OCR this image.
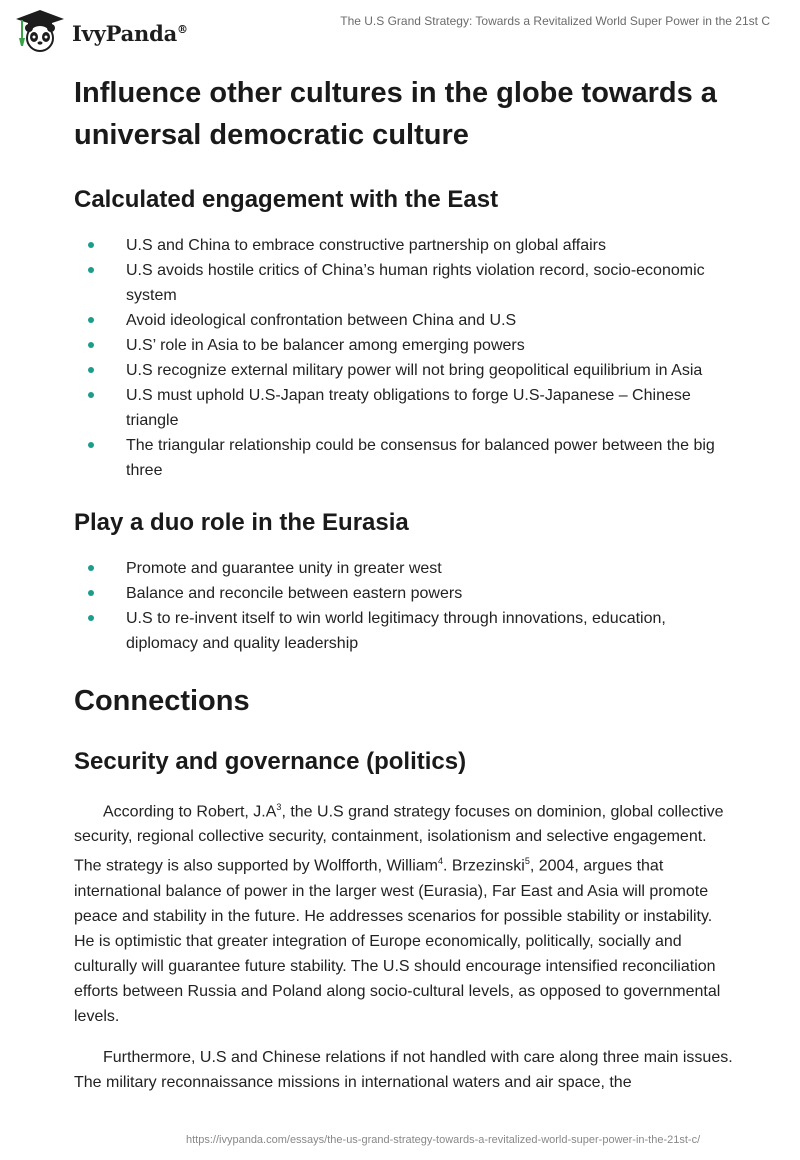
IvyPanda®
The U.S Grand Strategy: Towards a Revitalized World Super Power in the 21st C
Influence other cultures in the globe towards a universal democratic culture
Calculated engagement with the East
U.S and China to embrace constructive partnership on global affairs
U.S avoids hostile critics of China’s human rights violation record, socio-economic system
Avoid ideological confrontation between China and U.S
U.S’ role in Asia to be balancer among emerging powers
U.S recognize external military power will not bring geopolitical equilibrium in Asia
U.S must uphold U.S-Japan treaty obligations to forge U.S-Japanese – Chinese triangle
The triangular relationship could be consensus for balanced power between the big three
Play a duo role in the Eurasia
Promote and guarantee unity in greater west
Balance and reconcile between eastern powers
U.S to re-invent itself to win world legitimacy through innovations, education, diplomacy and quality leadership
Connections
Security and governance (politics)

According to Robert, J.A$^3$, the U.S grand strategy focuses on dominion, global collective security, regional collective security, containment, isolationism and selective engagement. The strategy is also supported by Wolfforth, William$^4$. Brzezinski$^5$, 2004, argues that international balance of power in the larger west (Eurasia), Far East and Asia will promote peace and stability in the future. He addresses scenarios for possible stability or instability. He is optimistic that greater integration of Europe economically, politically, socially and culturally will guarantee future stability. The U.S should encourage intensified reconciliation efforts between Russia and Poland along socio-cultural levels, as opposed to governmental levels.

Furthermore, U.S and Chinese relations if not handled with care along three main issues. The military reconnaissance missions in international waters and air space, the

https://ivypanda.com/essays/the-us-grand-strategy-towards-a-revitalized-world-super-power-in-the-21st-c/
